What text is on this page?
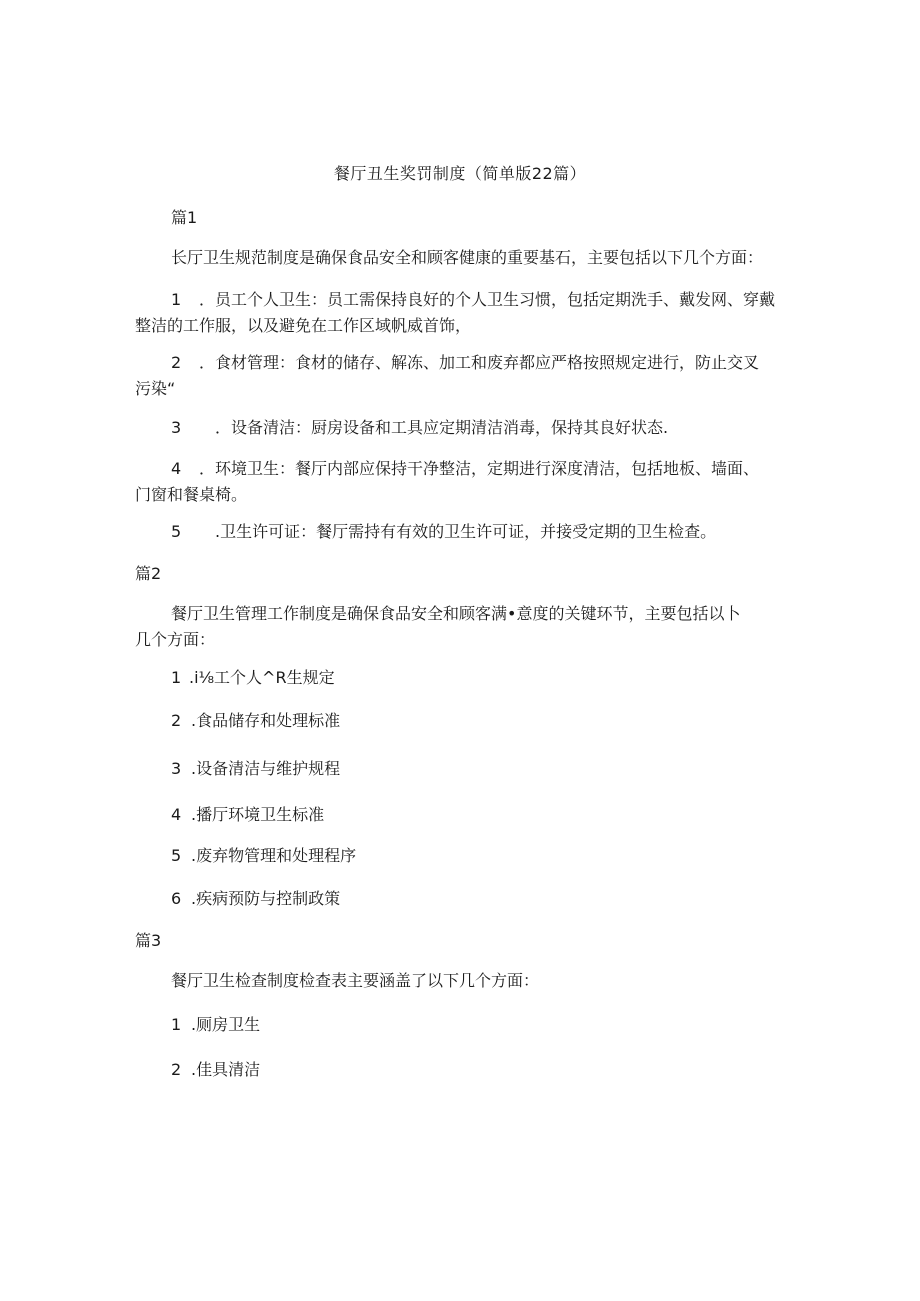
餐厅丑生奖罚制度（简单版22篇）
篇1
长厅卫生规范制度是确保食品安全和顾客健康的重要基石，主要包括以下几个方面：
1 ．员工个人卫生：员工需保持良好的个人卫生习惯，包括定期洗手、戴发网、穿戴
整洁的工作服，以及避免在工作区域帆威首饰，
2 ．食材管理：食材的储存、解冻、加工和废弃都应严格按照规定进行，防止交叉
污染“
3 ．设备清洁：厨房设备和工具应定期清洁消毒，保持其良好状态.
4 ．环境卫生：餐厅内部应保持干净整洁，定期进行深度清洁，包括地板、墙面、
门窗和餐桌椅。
5 .卫生许可证：餐厅需持有有效的卫生许可证，并接受定期的卫生检查。
篇2
餐厅卫生管理工作制度是确保食品安全和顾客满•意度的关键环节，主要包括以卜
几个方面：
1 .i⅛工个人^R生规定
2 .食品储存和处理标准
3 .设备清洁与维护规程
4 .播厅环境卫生标准
5 .废弃物管理和处理程序
6 .疾病预防与控制政策
篇3
餐厅卫生检查制度检查表主要涵盖了以下几个方面：
1 .厕房卫生
2 .佳具清洁
